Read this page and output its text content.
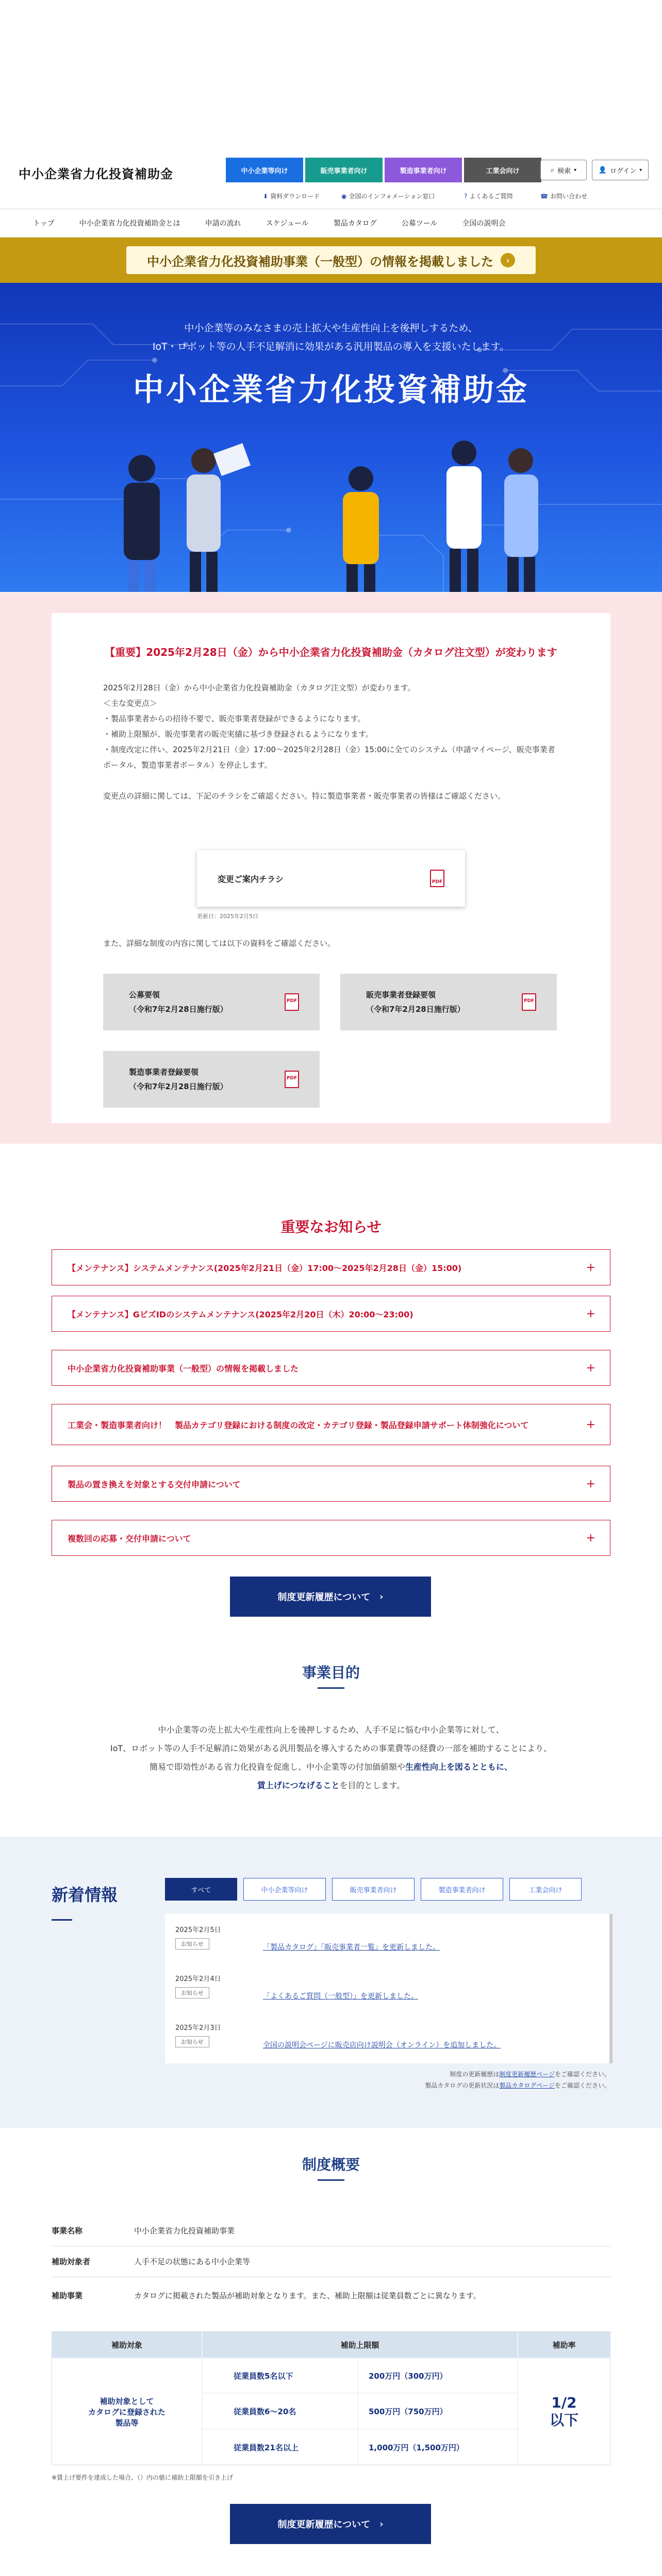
中小企業省力化投資補助金	中小企業等向け	販売事業者向け	製造事業者向け	工業会向け	⌕ 検索 ▾	👤 ログイン ▾
⬇ 資料ダウンロード	◉ 全国のインフォメーション窓口	? よくあるご質問	☎ お問い合わせ
トップ	中小企業省力化投資補助金とは	申請の流れ	スケジュール	製品カタログ	公募ツール	全国の説明会
中小企業省力化投資補助事業（一般型）の情報を掲載しました	›
中小企業等のみなさまの売上拡大や生産性向上を後押しするため、
IoT・ロボット等の人手不足解消に効果がある汎用製品の導入を支援いたします。
中小企業省力化投資補助金
【重要】2025年2月28日（金）から中小企業省力化投資補助金（カタログ注文型）が変わります

2025年2月28日（金）から中小企業省力化投資補助金（カタログ注文型）が変わります。

＜主な変更点＞

・製品事業者からの招待不要で、販売事業者登録ができるようになります。

・補助上限額が、販売事業者の販売実績に基づき登録されるようになります。

・制度改定に伴い、2025年2月21日（金）17:00〜2025年2月28日（金）15:00に全てのシステム（申請マイページ、販売事業者ポータル、製造事業者ポータル）を停止します。

変更点の詳細に関しては、下記のチラシをご確認ください。特に製造事業者・販売事業者の皆様はご確認ください。

変更ご案内チラシ	PDF
更新日：2025年2月5日

また、詳細な制度の内容に関しては以下の資料をご確認ください。

公募要領
（令和7年2月28日施行版）
PDF
販売事業者登録要領
（令和7年2月28日施行版）
PDF
製造事業者登録要領
（令和7年2月28日施行版）
PDF
重要なお知らせ
【メンテナンス】システムメンテナンス(2025年2月21日（金）17:00〜2025年2月28日（金）15:00)	+
【メンテナンス】GビズIDのシステムメンテナンス(2025年2月20日（木）20:00〜23:00)	+
中小企業省力化投資補助事業（一般型）の情報を掲載しました	+
工業会・製造事業者向け！　製品カテゴリ登録における制度の改定・カテゴリ登録・製品登録申請サポート体制強化について	+
製品の置き換えを対象とする交付申請について	+
複数回の応募・交付申請について	+
制度更新履歴について ›
事業目的
中小企業等の売上拡大や生産性向上を後押しするため、人手不足に悩む中小企業等に対して、
IoT、ロボット等の人手不足解消に効果がある汎用製品を導入するための事業費等の経費の一部を補助することにより、
簡易で即効性がある省力化投資を促進し、中小企業等の付加価値額や生産性向上を図るとともに、
賃上げにつなげることを目的とします。
新着情報	すべて	中小企業等向け	販売事業者向け	製造事業者向け	工業会向け
2025年2月5日
お知らせ	「製品カタログ」「販売事業者一覧」を更新しました。
2025年2月4日
お知らせ	「よくあるご質問（一般型）」を更新しました。
2025年2月3日
お知らせ	全国の説明会ページに販売店向け説明会（オンライン）を追加しました。
制度の更新履歴は制度更新履歴ページをご確認ください。
製品カタログの更新状況は製品カタログページをご確認ください。
制度概要
事業名称	中小企業省力化投資補助事業
補助対象者	人手不足の状態にある中小企業等
補助事業	カタログに掲載された製品が補助対象となります。また、補助上限額は従業員数ごとに異なります。
補助対象	補助上限額	補助率
補助対象として
カタログに登録された
製品等
従業員数5名以下	200万円（300万円）
従業員数6〜20名	500万円（750万円）
従業員数21名以上	1,000万円（1,500万円）
1/2
以下
※賃上げ要件を達成した場合、（）内の値に補助上限額を引き上げ
制度更新履歴について ›
